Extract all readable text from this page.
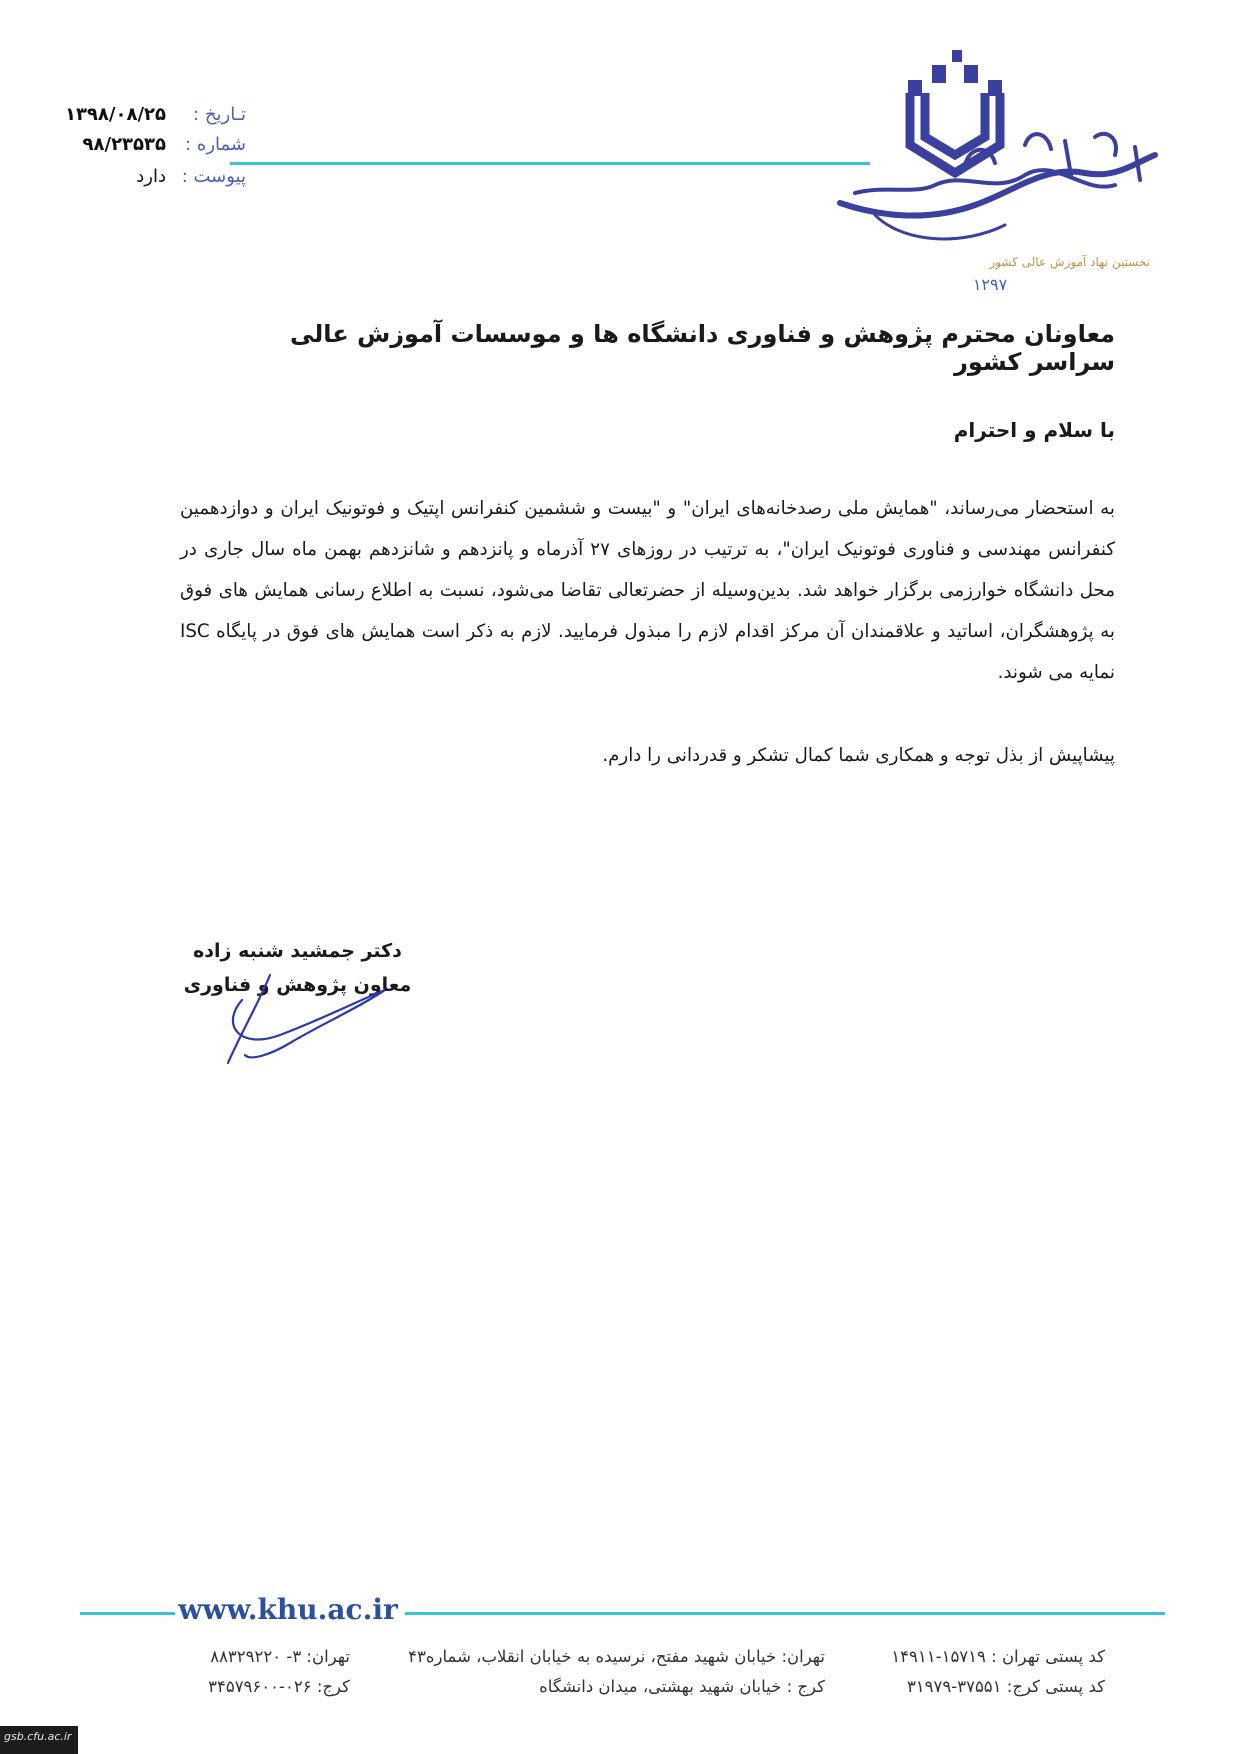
تـاریخ :
۱۳۹۸/۰۸/۲۵
شماره :
۹۸/۲۳۵۳۵
پیوست :
دارد
نخستین نهاد آموزش عالی کشور
۱۲۹۷
معاونان محترم پژوهش و فناوری دانشگاه ها و موسسات آموزش عالی سراسر کشور
با سلام و احترام
به استحضار می‌رساند، "همایش ملی رصدخانه‌های ایران" و "بیست و ششمین کنفرانس اپتیک و فوتونیک ایران و دوازدهمین کنفرانس مهندسی و فناوری فوتونیک ایران"، به ترتیب در روزهای ۲۷ آذرماه و پانزدهم و شانزدهم بهمن ماه سال جاری در محل دانشگاه خوارزمی برگزار خواهد شد. بدین‌وسیله از حضرتعالی تقاضا می‌شود، نسبت به اطلاع رسانی همایش های فوق به پژوهشگران، اساتید و علاقمندان آن مرکز اقدام لازم را مبذول فرمایید. لازم به ذکر است همایش های فوق در پایگاه ISC نمایه می شوند.
پیشاپیش از بذل توجه و همکاری شما کمال تشکر و قدردانی را دارم.
دکتر جمشید شنبه زاده
معاون پژوهش و فناوری
www.khu.ac.ir
کد پستی تهران : ۱۵۷۱۹-۱۴۹۱۱
تهران: خیابان شهید مفتح، نرسیده به خیابان انقلاب، شماره۴۳
تهران: ۳- ۸۸۳۲۹۲۲۰
کد پستی کرج: ۳۷۵۵۱-۳۱۹۷۹
کرج : خیابان شهید بهشتی، میدان دانشگاه
کرج: ۰۲۶-۳۴۵۷۹۶۰۰
gsb.cfu.ac.ir
